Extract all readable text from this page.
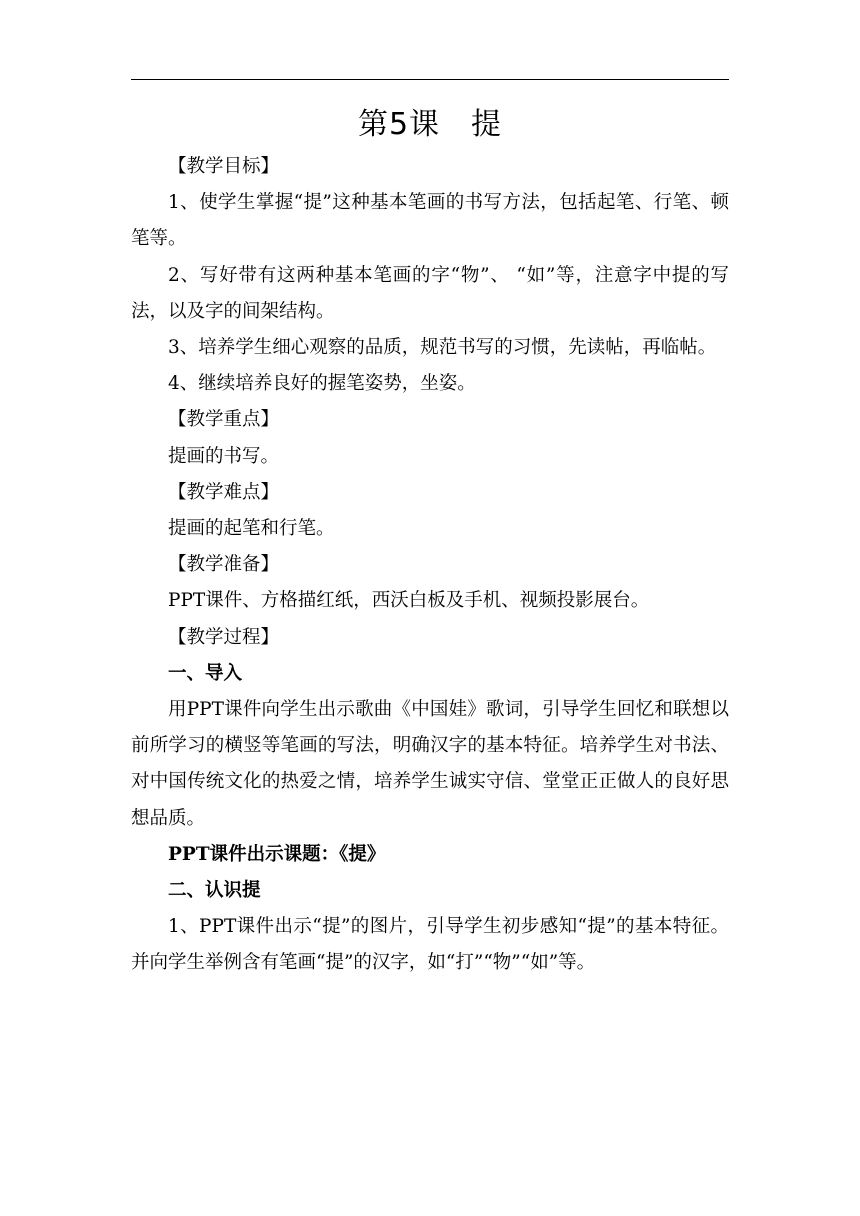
第5课　提

【教学目标】

1、使学生掌握“提”这种基本笔画的书写方法，包括起笔、行笔、顿笔等。

2、写好带有这两种基本笔画的字“物”、 “如”等，注意字中提的写法，以及字的间架结构。

3、培养学生细心观察的品质，规范书写的习惯，先读帖，再临帖。

4、继续培养良好的握笔姿势，坐姿。

【教学重点】

提画的书写。

【教学难点】

提画的起笔和行笔。

【教学准备】

PPT课件、方格描红纸，西沃白板及手机、视频投影展台。

【教学过程】

一、导入

用PPT课件向学生出示歌曲《中国娃》歌词，引导学生回忆和联想以前所学习的横竖等笔画的写法，明确汉字的基本特征。培养学生对书法、对中国传统文化的热爱之情，培养学生诚实守信、堂堂正正做人的良好思想品质。

PPT课件出示课题：《提》

二、认识提

1、PPT课件出示“提”的图片，引导学生初步感知“提”的基本特征。并向学生举例含有笔画“提”的汉字，如“打”“物”“如”等。
